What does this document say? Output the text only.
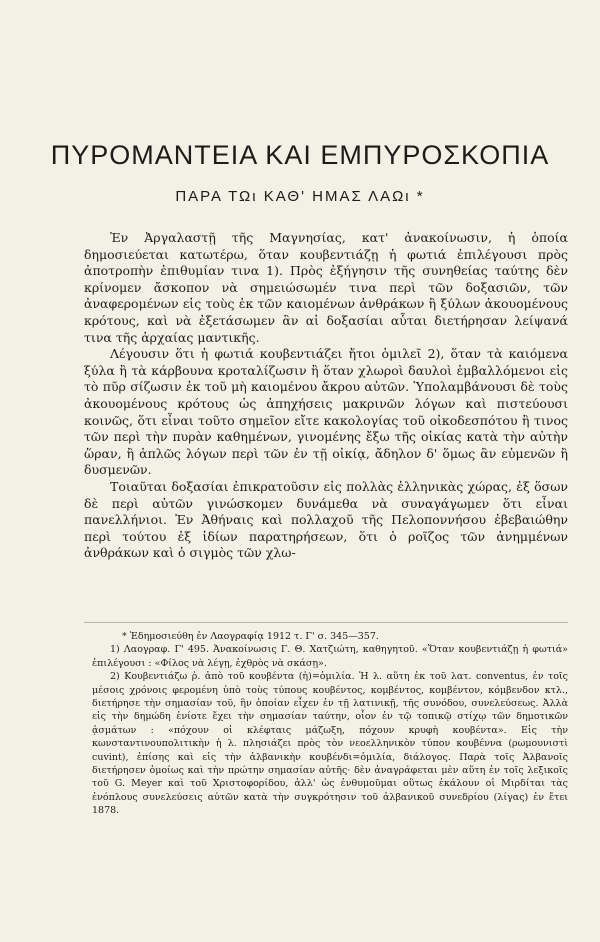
ΠΥΡΟΜΑΝΤΕΙΑ ΚΑΙ ΕΜΠΥΡΟΣΚΟΠΙΑ
ΠΑΡΑ ΤΩι ΚΑΘ' ΗΜΑΣ ΛΑΩι *

Ἐν Ἀργαλαστῇ τῆς Μαγνησίας, κατ' ἀνακοίνωσιν, ἡ ὁποία δημοσιεύεται κατωτέρω, ὅταν κουβεντιάζῃ ἡ φωτιά ἐπιλέγουσι πρὸς ἀποτροπὴν ἐπιθυμίαν τινα 1). Πρὸς ἐξήγησιν τῆς συνηθείας ταύτης δὲν κρίνομεν ἄσκοπον νὰ σημειώσωμέν τινα περὶ τῶν δοξασιῶν, τῶν ἀναφερομένων εἰς τοὺς ἐκ τῶν καιομένων ἀνθράκων ἢ ξύλων ἀκουομένους κρότους, καὶ νὰ ἐξετάσωμεν ἂν αἱ δοξασίαι αὗται διετήρησαν λείψανά τινα τῆς ἀρχαίας μαντικῆς.

Λέγουσιν ὅτι ἡ φωτιά κουβεντιάζει ἤτοι ὁμιλεῖ 2), ὅταν τὰ καιόμενα ξύλα ἢ τὰ κάρβουνα κροταλίζωσιν ἢ ὅταν χλωροὶ δαυλοὶ ἐμβαλλόμενοι εἰς τὸ πῦρ σίζωσιν ἐκ τοῦ μὴ καιομένου ἄκρου αὐτῶν. Ὑπολαμβάνουσι δὲ τοὺς ἀκουομένους κρότους ὡς ἀπηχήσεις μακρινῶν λόγων καὶ πιστεύουσι κοινῶς, ὅτι εἶναι τοῦτο σημεῖον εἴτε κακολογίας τοῦ οἰκοδεσπότου ἢ τινος τῶν περὶ τὴν πυρὰν καθημένων, γινομένης ἔξω τῆς οἰκίας κατὰ τὴν αὐτὴν ὥραν, ἢ ἁπλῶς λόγων περὶ τῶν ἐν τῇ οἰκίᾳ, ἄδηλον δ' ὅμως ἂν εὐμενῶν ἢ δυσμενῶν.

Τοιαῦται δοξασίαι ἐπικρατοῦσιν εἰς πολλὰς ἑλληνικὰς χώρας, ἐξ ὅσων δὲ περὶ αὐτῶν γινώσκομεν δυνάμεθα νὰ συναγάγωμεν ὅτι εἶναι πανελλήνιοι. Ἐν Ἀθήναις καὶ πολλαχοῦ τῆς Πελοποννήσου ἐβεβαιώθην περὶ τούτου ἐξ ἰδίων παρατηρήσεων, ὅτι ὁ ροῖζος τῶν ἀνημμένων ἀνθράκων καὶ ὁ σιγμὸς τῶν χλω-

* Ἐδημοσιεύθη ἐν Λαογραφίᾳ 1912 τ. Γ' σ. 345—357.

1) Λαογραφ. Γ' 495. Ἀνακοίνωσις Γ. Θ. Χατζιώτη, καθηγητοῦ. «Ὅταν κουβεντιάζῃ ἡ φωτιά» ἐπιλέγουσι : «Φίλος νὰ λέγῃ, ἐχθρὸς νὰ σκάσῃ».

2) Κουβεντιάζω ῥ. ἀπὸ τοῦ κουβέντα (ἡ)=ὁμιλία. Ἡ λ. αὕτη ἐκ τοῦ λατ. conventus, ἐν τοῖς μέσοις χρόνοις φερομένη ὑπὸ τοὺς τύπους κουβέντος, κομβέντος, κομβέντον, κόμβενδον κτλ., διετήρησε τὴν σημασίαν τοῦ, ἣν ὁποίαν εἶχεν ἐν τῇ λατινικῇ, τῆς συνόδου, συνελεύσεως. Ἀλλὰ εἰς τὴν δημώδη ἐνίοτε ἔχει τὴν σημασίαν ταύτην, οἷον ἐν τῷ τοπικῷ στίχῳ τῶν δημοτικῶν ᾀσμάτων : «πόχουν οἱ κλέφταις μάζωξη, πόχουν κρυφὴ κουβέντα». Εἰς τὴν κωνσταντινουπολιτικὴν ἡ λ. πλησιάζει πρὸς τὸν νεοελληνικὸν τύπον κουβέννα (ρωμουνιστὶ cuvint), ἐπίσης καὶ εἰς τὴν ἀλβανικὴν κουβένδι=ὁμιλία, διάλογος. Παρὰ τοῖς Ἀλβανοῖς διετήρησεν ὁμοίως καὶ τὴν πρώτην σημασίαν αὐτῆς· δὲν ἀναγράφεται μὲν αὕτη ἐν τοῖς λεξικοῖς τοῦ G. Meyer καὶ τοῦ Χριστοφορίδου, ἀλλ' ὡς ἐνθυμοῦμαι οὕτως ἐκάλουν οἱ Μιρδίται τὰς ἐνόπλους συνελεύσεις αὐτῶν κατὰ τὴν συγκρότησιν τοῦ ἀλβανικοῦ συνεδρίου (λίγας) ἐν ἔτει 1878.
